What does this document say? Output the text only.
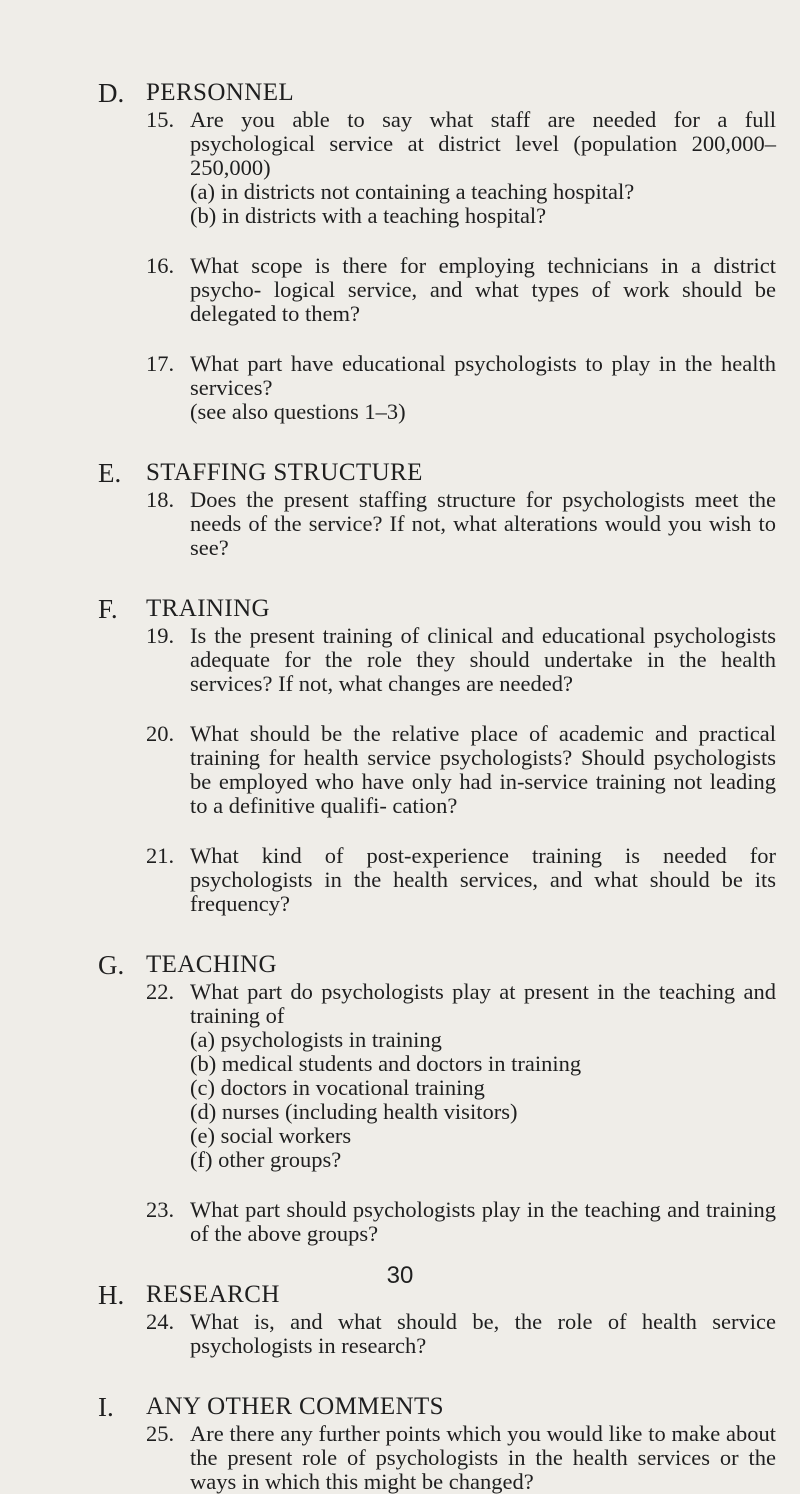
D. PERSONNEL
15. Are you able to say what staff are needed for a full psychological service at district level (population 200,000–250,000)
(a) in districts not containing a teaching hospital?
(b) in districts with a teaching hospital?
16. What scope is there for employing technicians in a district psycho- logical service, and what types of work should be delegated to them?
17. What part have educational psychologists to play in the health services?
(see also questions 1–3)
E. STAFFING STRUCTURE
18. Does the present staffing structure for psychologists meet the needs of the service? If not, what alterations would you wish to see?
F. TRAINING
19. Is the present training of clinical and educational psychologists adequate for the role they should undertake in the health services? If not, what changes are needed?
20. What should be the relative place of academic and practical training for health service psychologists? Should psychologists be employed who have only had in-service training not leading to a definitive qualifi- cation?
21. What kind of post-experience training is needed for psychologists in the health services, and what should be its frequency?
G. TEACHING
22. What part do psychologists play at present in the teaching and training of
(a) psychologists in training
(b) medical students and doctors in training
(c) doctors in vocational training
(d) nurses (including health visitors)
(e) social workers
(f) other groups?
23. What part should psychologists play in the teaching and training of the above groups?
H. RESEARCH
24. What is, and what should be, the role of health service psychologists in research?
I. ANY OTHER COMMENTS
25. Are there any further points which you would like to make about the present role of psychologists in the health services or the ways in which this might be changed?
30
